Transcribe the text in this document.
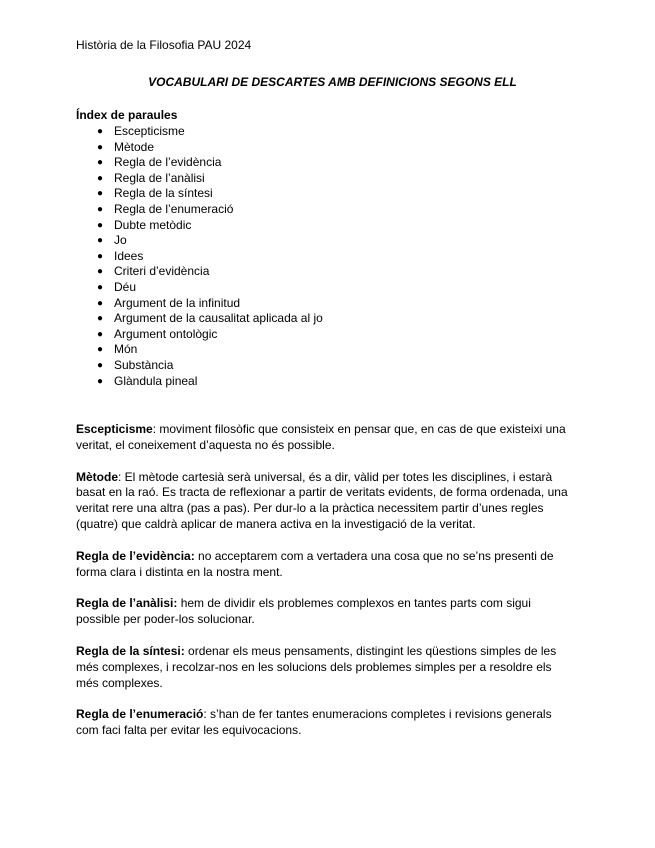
Història de la Filosofia PAU 2024
VOCABULARI DE DESCARTES AMB DEFINICIONS SEGONS ELL
Índex de paraules
● Escepticisme
● Mètode
● Regla de l’evidència
● Regla de l’anàlisi
● Regla de la síntesi
● Regla de l’enumeració
● Dubte metòdic
● Jo
● Idees
● Criteri d’evidència
● Déu
● Argument de la infinitud
● Argument de la causalitat aplicada al jo
● Argument ontològic
● Món
● Substància
● Glàndula pineal

Escepticisme: moviment filosòfic que consisteix en pensar que, en cas de que existeixi una veritat, el coneixement d’aquesta no és possible.

Mètode: El mètode cartesià serà universal, és a dir, vàlid per totes les disciplines, i estarà basat en la raó. Es tracta de reflexionar a partir de veritats evidents, de forma ordenada, una veritat rere una altra (pas a pas). Per dur-lo a la pràctica necessitem partir d’unes regles (quatre) que caldrà aplicar de manera activa en la investigació de la veritat.

Regla de l’evidència: no acceptarem com a vertadera una cosa que no se’ns presenti de forma clara i distinta en la nostra ment.

Regla de l’anàlisi: hem de dividir els problemes complexos en tantes parts com sigui possible per poder-los solucionar.

Regla de la síntesi: ordenar els meus pensaments, distingint les qüestions simples de les més complexes, i recolzar-nos en les solucions dels problemes simples per a resoldre els més complexes.

Regla de l’enumeració: s’han de fer tantes enumeracions completes i revisions generals com faci falta per evitar les equivocacions.
